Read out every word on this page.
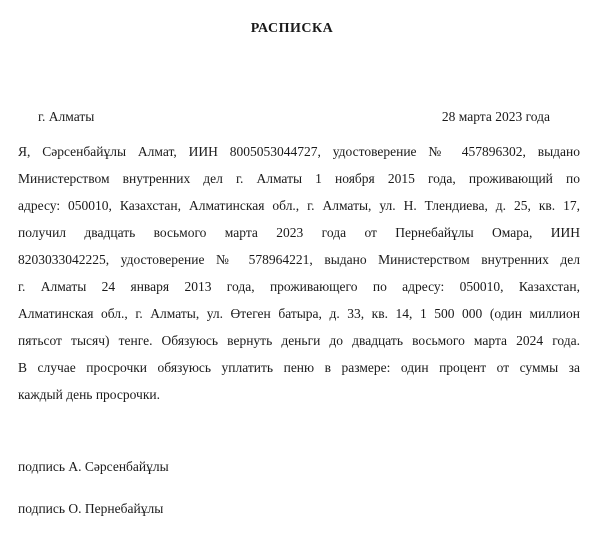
РАСПИСКА
г. Алматы	28 марта 2023 года
Я, Сәрсенбайұлы Алмат, ИИН 8005053044727, удостоверение № 457896302, выдано
Министерством внутренних дел г. Алматы 1 ноября 2015 года, проживающий по
адресу: 050010, Казахстан, Алматинская обл., г. Алматы, ул. Н. Тлендиева, д. 25, кв. 17,
получил двадцать восьмого марта 2023 года от Пернебайұлы Омара, ИИН
8203033042225, удостоверение № 578964221, выдано Министерством внутренних дел
г. Алматы 24 января 2013 года, проживающего по адресу: 050010, Казахстан,
Алматинская обл., г. Алматы, ул. Өтеген батыра, д. 33, кв. 14, 1 500 000 (один миллион
пятьсот тысяч) тенге. Обязуюсь вернуть деньги до двадцать восьмого марта 2024 года.
В случае просрочки обязуюсь уплатить пеню в размере: один процент от суммы за
каждый день просрочки.
подпись А. Сәрсенбайұлы
подпись О. Пернебайұлы
